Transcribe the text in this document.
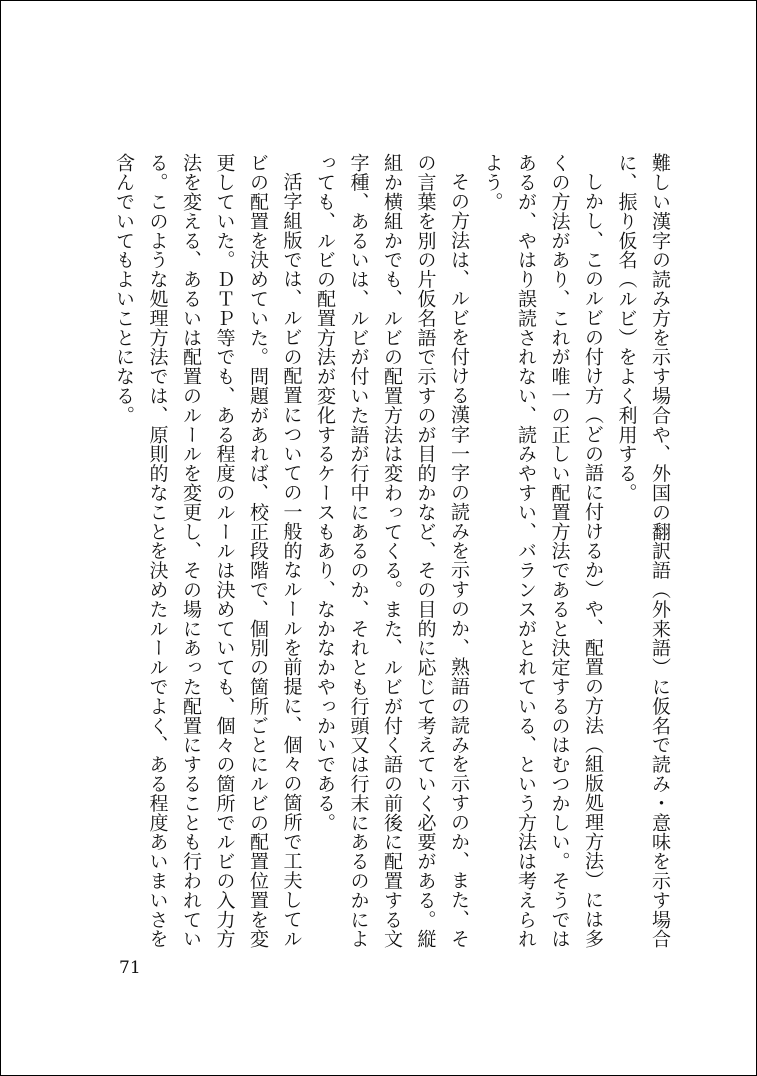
難しい漢字の読み方を示す場合や、外国の翻訳語（外来語）に仮名で読み・意味を示す場合に、振り仮名（ルビ）をよく利用する。

しかし、このルビの付け方（どの語に付けるか）や、配置の方法（組版処理方法）には多くの方法があり、これが唯一の正しい配置方法であると決定するのはむつかしい。そうではあるが、やはり誤読されない、読みやすい、バランスがとれている、という方法は考えられよう。

その方法は、ルビを付ける漢字一字の読みを示すのか、熟語の読みを示すのか、また、その言葉を別の片仮名語で示すのが目的かなど、その目的に応じて考えていく必要がある。縦組か横組かでも、ルビの配置方法は変わってくる。また、ルビが付く語の前後に配置する文字種、あるいは、ルビが付いた語が行中にあるのか、それとも行頭又は行末にあるのかによっても、ルビの配置方法が変化するケースもあり、なかなかやっかいである。

活字組版では、ルビの配置についての一般的なルールを前提に、個々の箇所で工夫してルビの配置を決めていた。問題があれば、校正段階で、個別の箇所ごとにルビの配置位置を変更していた。ＤＴＰ等でも、ある程度のルールは決めていても、個々の箇所でルビの入力方法を変える、あるいは配置のルールを変更し、その場にあった配置にすることも行われている。このような処理方法では、原則的なことを決めたルールでよく、ある程度あいまいさを含んでいてもよいことになる。

71
